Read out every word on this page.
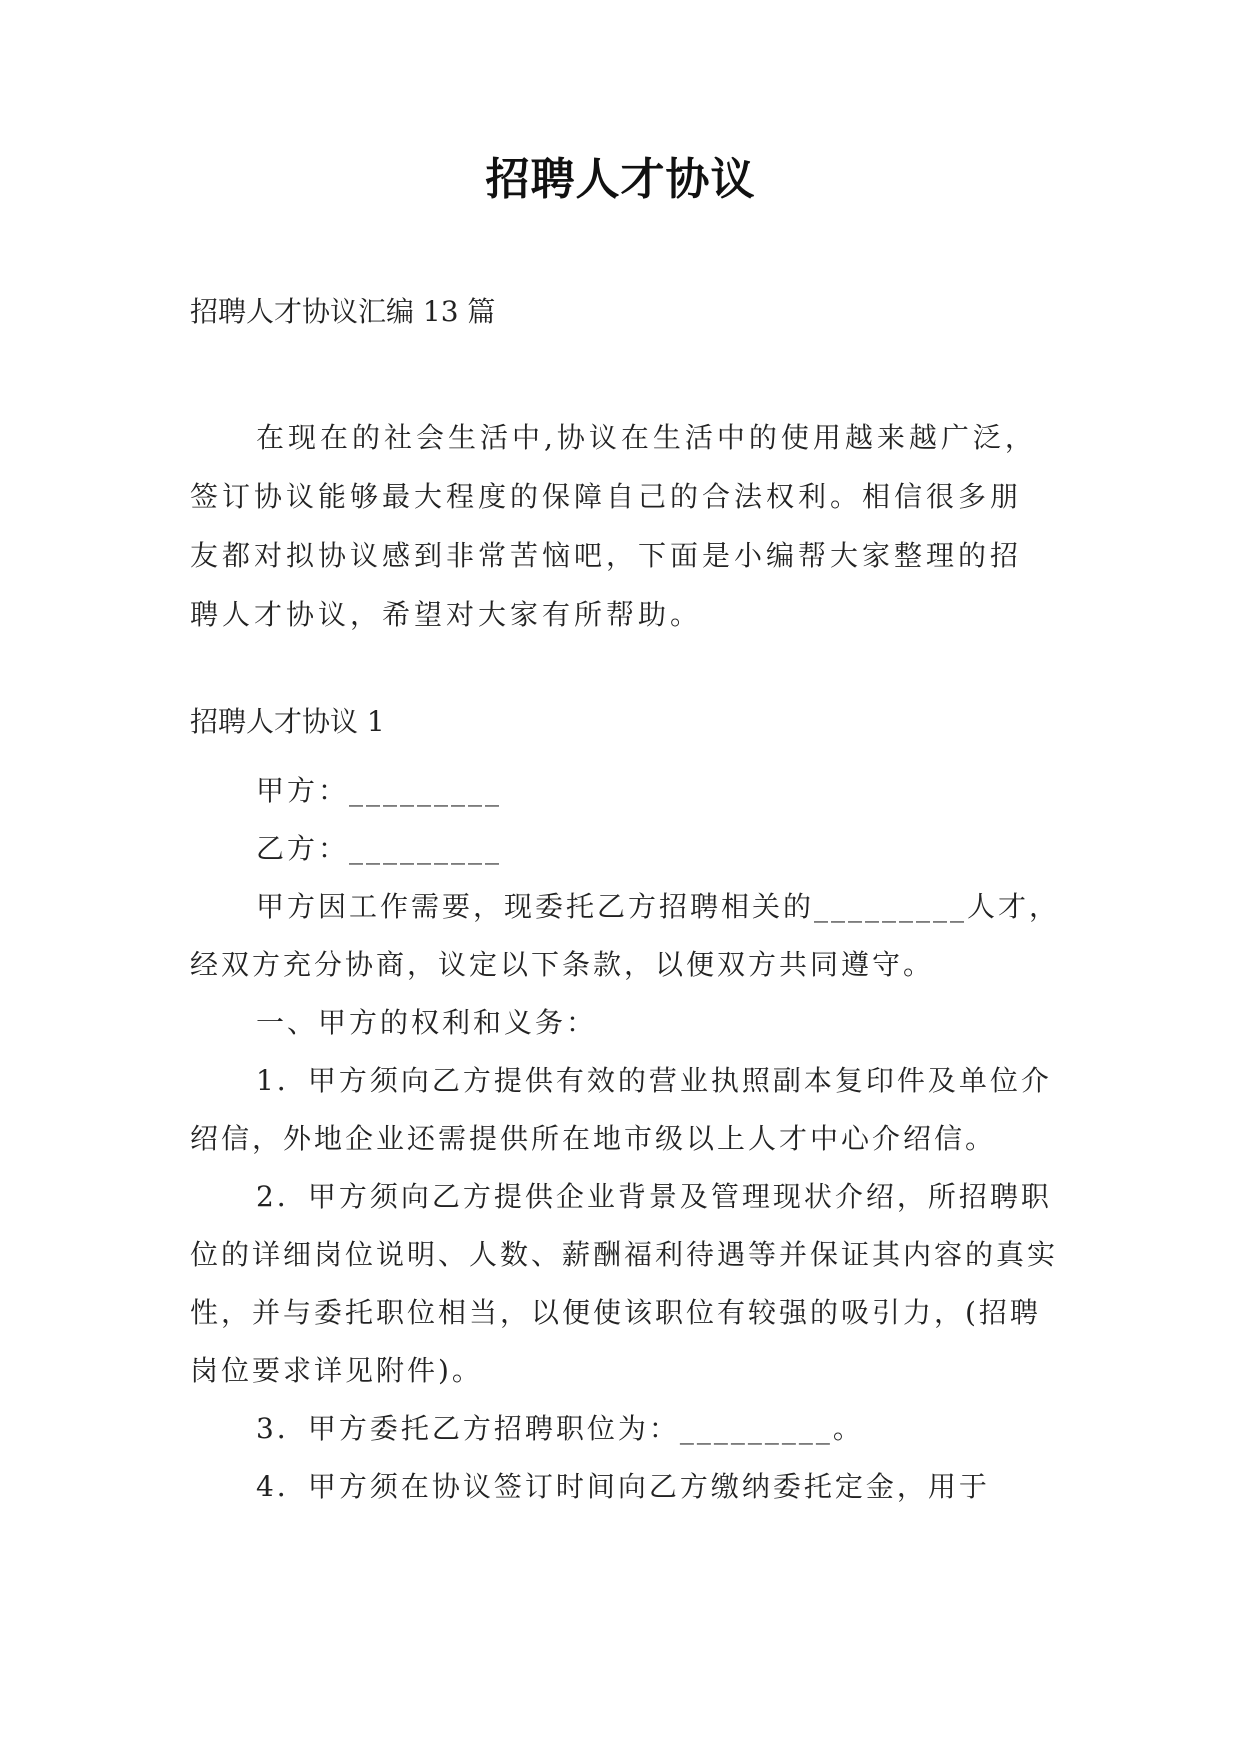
招聘人才协议
招聘人才协议汇编 13 篇
在现在的社会生活中,协议在生活中的使用越来越广泛，签订协议能够最大程度的保障自己的合法权利。相信很多朋友都对拟协议感到非常苦恼吧，下面是小编帮大家整理的招聘人才协议，希望对大家有所帮助。
招聘人才协议 1

甲方：_________

乙方：_________

甲方因工作需要，现委托乙方招聘相关的_________人才，经双方充分协商，议定以下条款，以便双方共同遵守。

一、甲方的权利和义务：

1．甲方须向乙方提供有效的营业执照副本复印件及单位介绍信，外地企业还需提供所在地市级以上人才中心介绍信。

2．甲方须向乙方提供企业背景及管理现状介绍，所招聘职位的详细岗位说明、人数、薪酬福利待遇等并保证其内容的真实性，并与委托职位相当，以便使该职位有较强的吸引力，(招聘岗位要求详见附件)。

3．甲方委托乙方招聘职位为：_________。

4．甲方须在协议签订时间向乙方缴纳委托定金，用于
